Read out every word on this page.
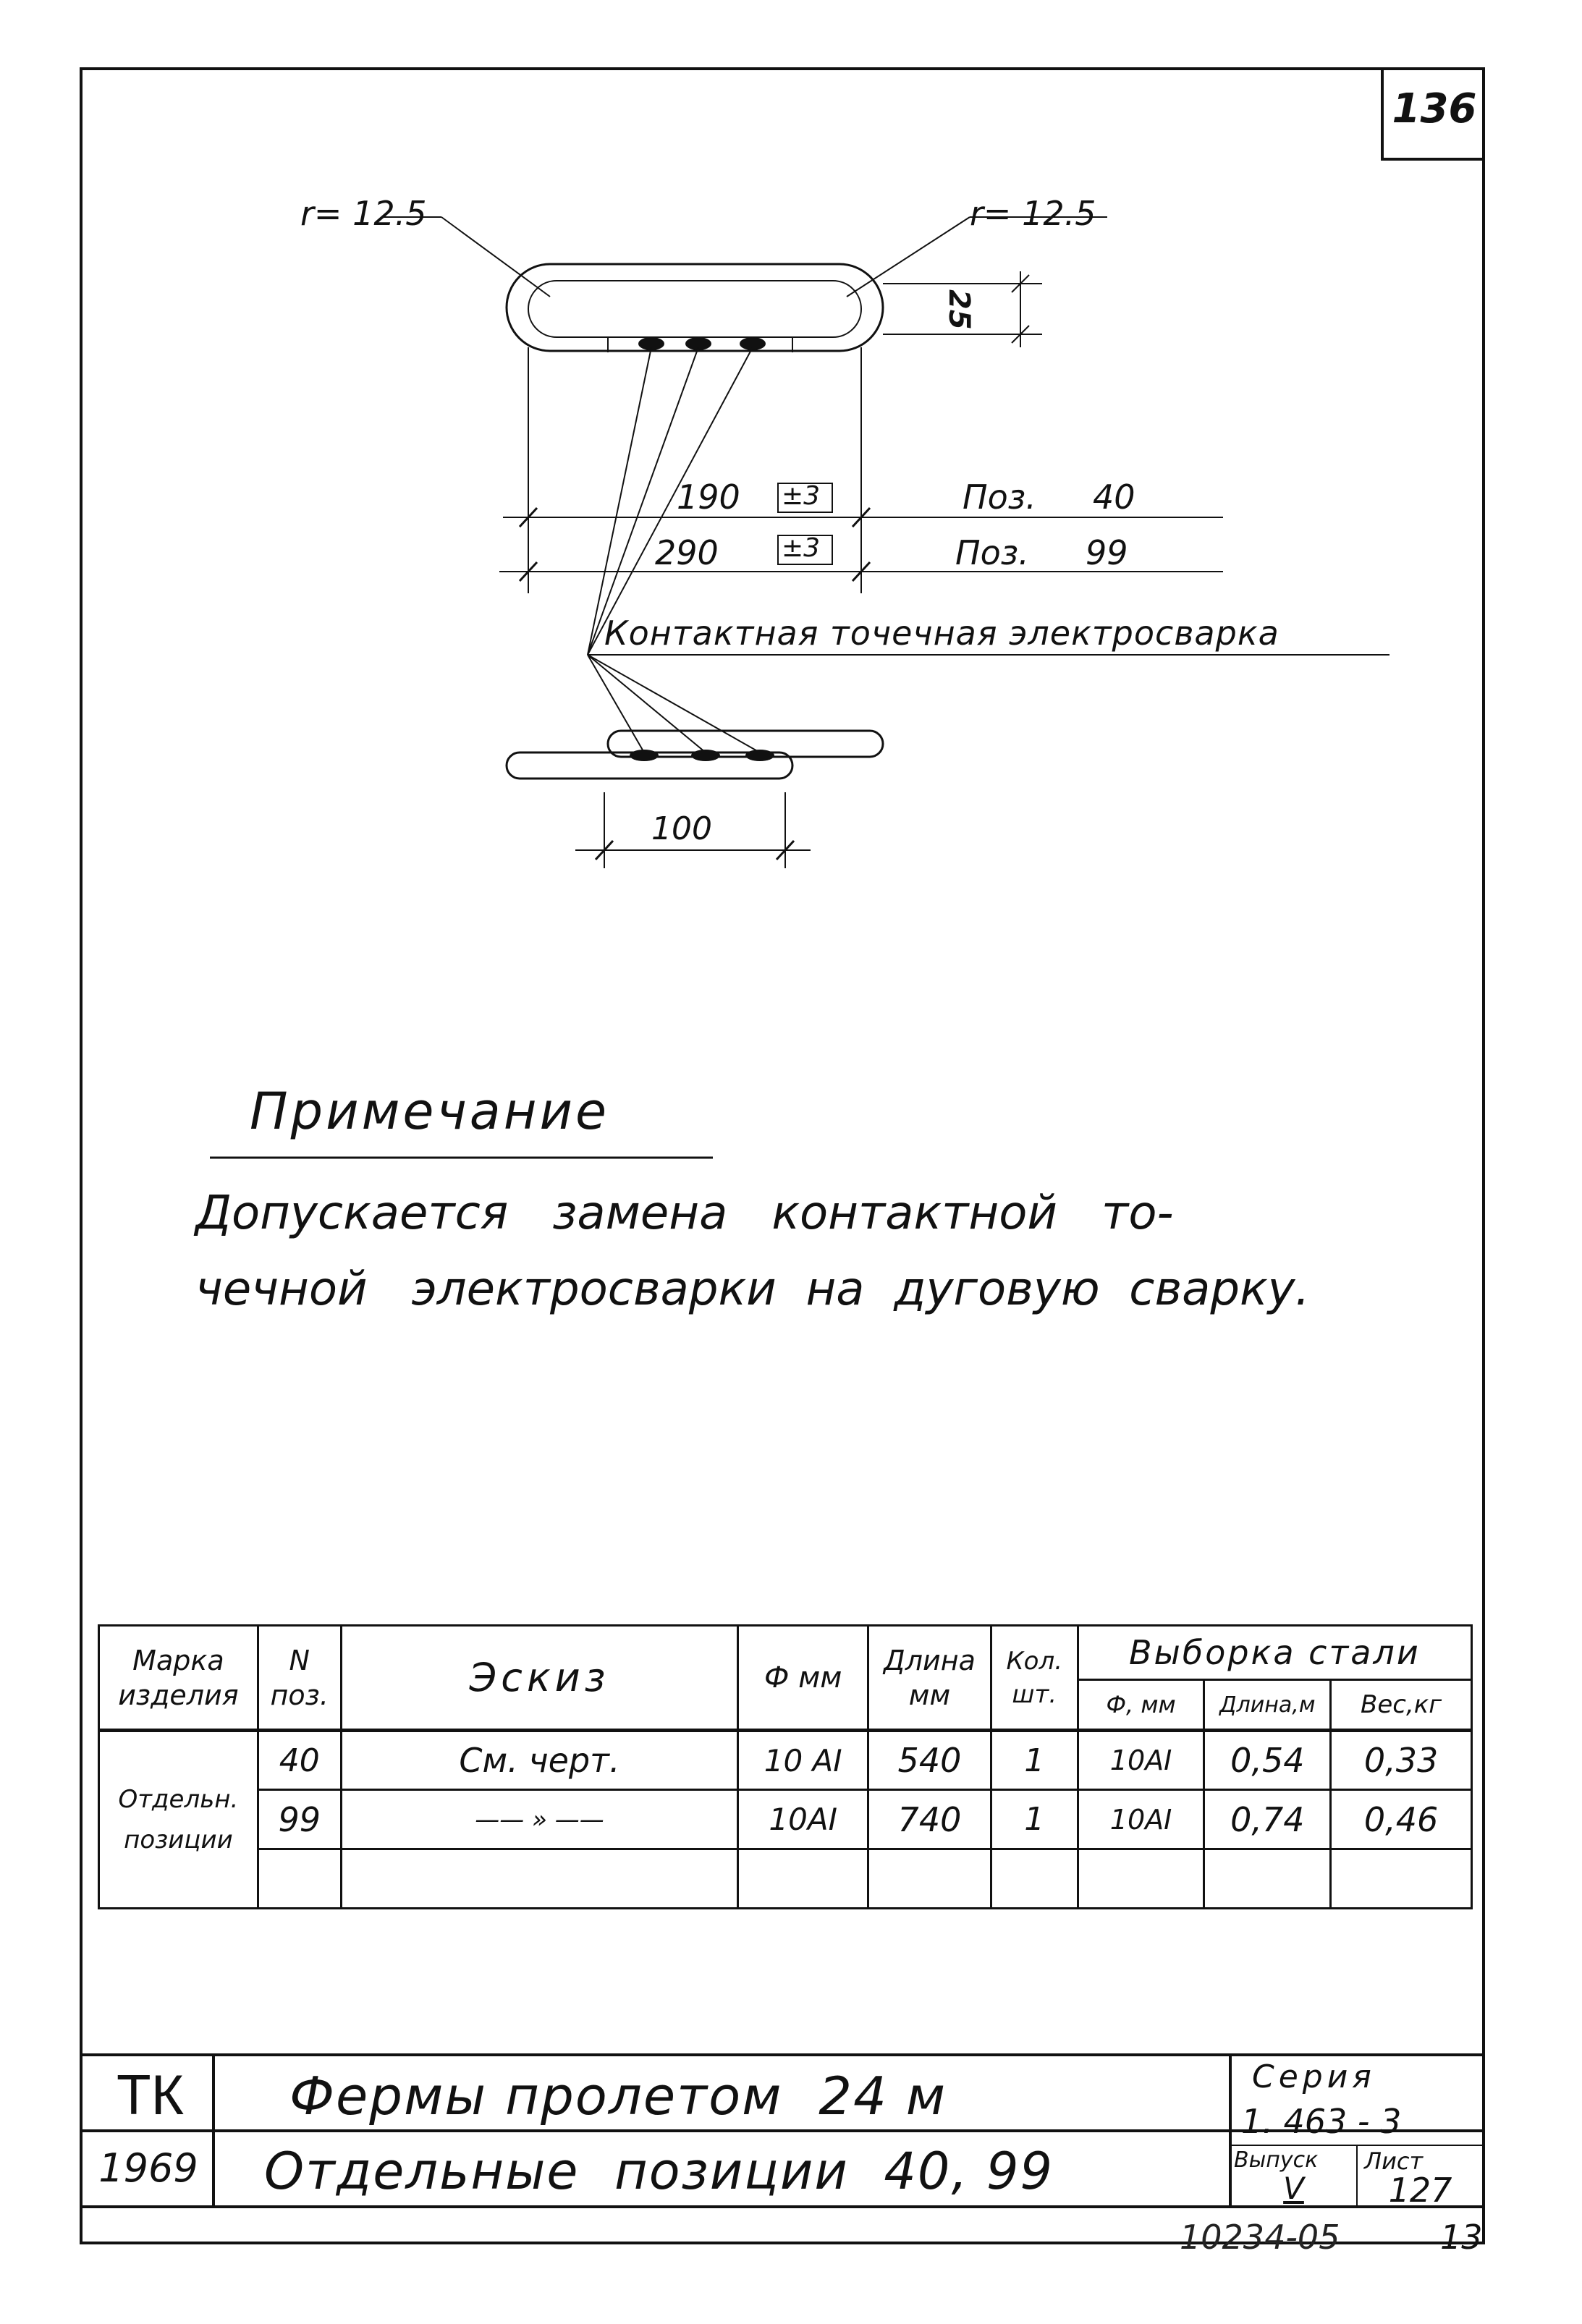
136
r= 12.5	r= 12.5
25
190 ±3	Поз. 40
290 ±3	Поз. 99
Контактная точечная электросварка
100
Примечание
Допускается   замена   контактной   то-
чечной   электросварки  на  дуговую  сварку.
Марка изделия	N поз.	Эскиз	Ф мм	Длина мм	Кол. шт.	Выборка стали		
						Ф, мм	Длина,м	Вес,кг
Отдельн. позиции	40	См. черт.	10 АI	540	1	10АI	0,54	0,33
	99	—— » ——	10АI	740	1	10АI	0,74	0,46

ТК
1969
Фермы пролетом  24 м
Отдельные  позиции  40, 99
Серия
1. 463 - 3
Выпуск
V
Лист
127
10234-05	13
